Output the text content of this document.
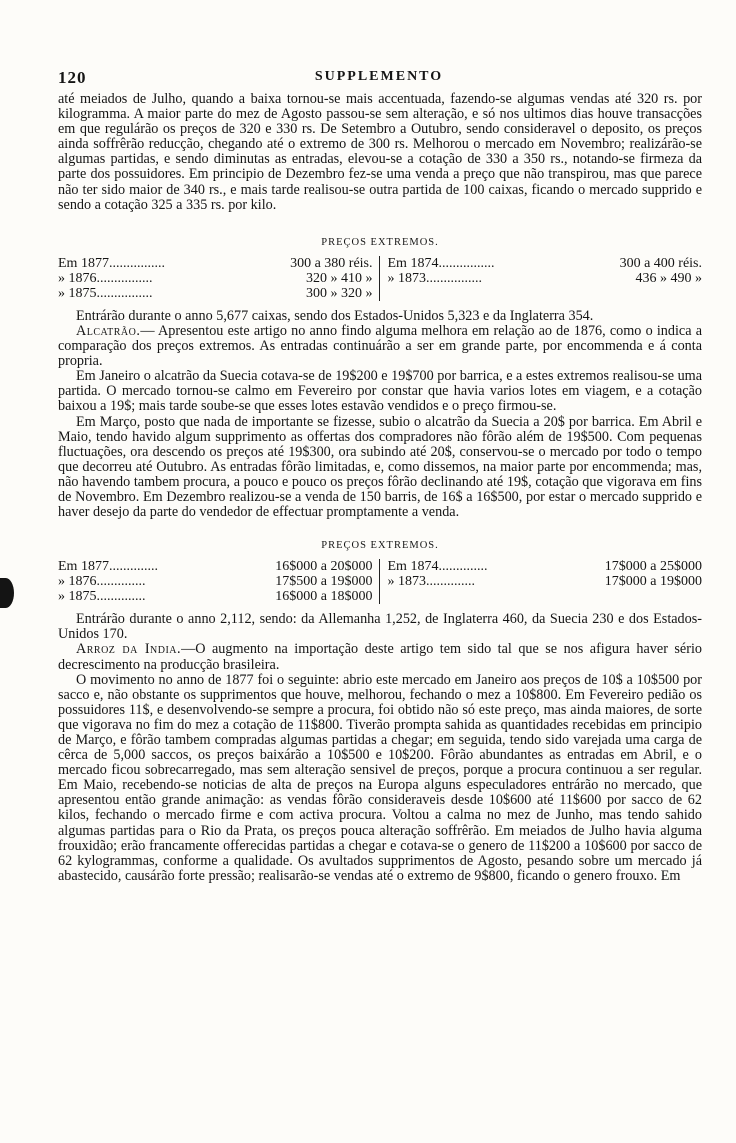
120	SUPPLEMENTO

até meiados de Julho, quando a baixa tornou-se mais accentuada, fazendo-se algumas vendas até 320 rs. por kilogramma. A maior parte do mez de Agosto passou-se sem alteração, e só nos ultimos dias houve transacções em que regulárão os preços de 320 e 330 rs. De Setembro a Outubro, sendo consideravel o deposito, os preços ainda soffrêrão reducção, chegando até o extremo de 300 rs. Melhorou o mercado em Novembro; realizárão-se algumas partidas, e sendo diminutas as entradas, elevou-se a cotação de 330 a 350 rs., notando-se firmeza da parte dos possuidores. Em principio de Dezembro fez-se uma venda a preço que não transpirou, mas que parece não ter sido maior de 340 rs., e mais tarde realisou-se outra partida de 100 caixas, ficando o mercado supprido e sendo a cotação 325 a 335 rs. por kilo.

PREÇOS EXTREMOS.
Em 1877................	300 a 380 réis.
» 1876................	320 » 410 »
» 1875................	300 » 320 »
Em 1874................	300 a 400 réis.
» 1873................	436 » 490 »

Entrárão durante o anno 5,677 caixas, sendo dos Estados-Unidos 5,323 e da Inglaterra 354.

Alcatrão.— Apresentou este artigo no anno findo alguma melhora em relação ao de 1876, como o indica a comparação dos preços extremos. As entradas continuárão a ser em grande parte, por encommenda e á conta propria.

Em Janeiro o alcatrão da Suecia cotava-se de 19$200 e 19$700 por barrica, e a estes extremos realisou-se uma partida. O mercado tornou-se calmo em Fevereiro por constar que havia varios lotes em viagem, e a cotação baixou a 19$; mais tarde soube-se que esses lotes estavão vendidos e o preço firmou-se.

Em Março, posto que nada de importante se fizesse, subio o alcatrão da Suecia a 20$ por barrica. Em Abril e Maio, tendo havido algum supprimento as offertas dos compradores não fôrão além de 19$500. Com pequenas fluctuações, ora descendo os preços até 19$300, ora subindo até 20$, conservou-se o mercado por todo o tempo que decorreu até Outubro. As entradas fôrão limitadas, e, como dissemos, na maior parte por encommenda; mas, não havendo tambem procura, a pouco e pouco os preços fôrão declinando até 19$, cotação que vigorava em fins de Novembro. Em Dezembro realizou-se a venda de 150 barris, de 16$ a 16$500, por estar o mercado supprido e haver desejo da parte do vendedor de effectuar promptamente a venda.

PREÇOS EXTREMOS.
Em 1877..............	16$000 a 20$000
» 1876..............	17$500 a 19$000
» 1875..............	16$000 a 18$000
Em 1874..............	17$000 a 25$000
» 1873..............	17$000 a 19$000

Entrárão durante o anno 2,112, sendo: da Allemanha 1,252, de Inglaterra 460, da Suecia 230 e dos Estados-Unidos 170.

Arroz da India.—O augmento na importação deste artigo tem sido tal que se nos afigura haver sério decrescimento na producção brasileira.

O movimento no anno de 1877 foi o seguinte: abrio este mercado em Janeiro aos preços de 10$ a 10$500 por sacco e, não obstante os supprimentos que houve, melhorou, fechando o mez a 10$800. Em Fevereiro pedião os possuidores 11$, e desenvolvendo-se sempre a procura, foi obtido não só este preço, mas ainda maiores, de sorte que vigorava no fim do mez a cotação de 11$800. Tiverão prompta sahida as quantidades recebidas em principio de Março, e fôrão tambem compradas algumas partidas a chegar; em seguida, tendo sido varejada uma carga de cêrca de 5,000 saccos, os preços baixárão a 10$500 e 10$200. Fôrão abundantes as entradas em Abril, e o mercado ficou sobrecarregado, mas sem alteração sensivel de preços, porque a procura continuou a ser regular. Em Maio, recebendo-se noticias de alta de preços na Europa alguns especuladores entrárão no mercado, que apresentou então grande animação: as vendas fôrão consideraveis desde 10$600 até 11$600 por sacco de 62 kilos, fechando o mercado firme e com activa procura. Voltou a calma no mez de Junho, mas tendo sahido algumas partidas para o Rio da Prata, os preços pouca alteração soffrêrão. Em meiados de Julho havia alguma frouxidão; erão francamente offerecidas partidas a chegar e cotava-se o genero de 11$200 a 10$600 por sacco de 62 kylogrammas, conforme a qualidade. Os avultados supprimentos de Agosto, pesando sobre um mercado já abastecido, causárão forte pressão; realisarão-se vendas até o extremo de 9$800, ficando o genero frouxo. Em
